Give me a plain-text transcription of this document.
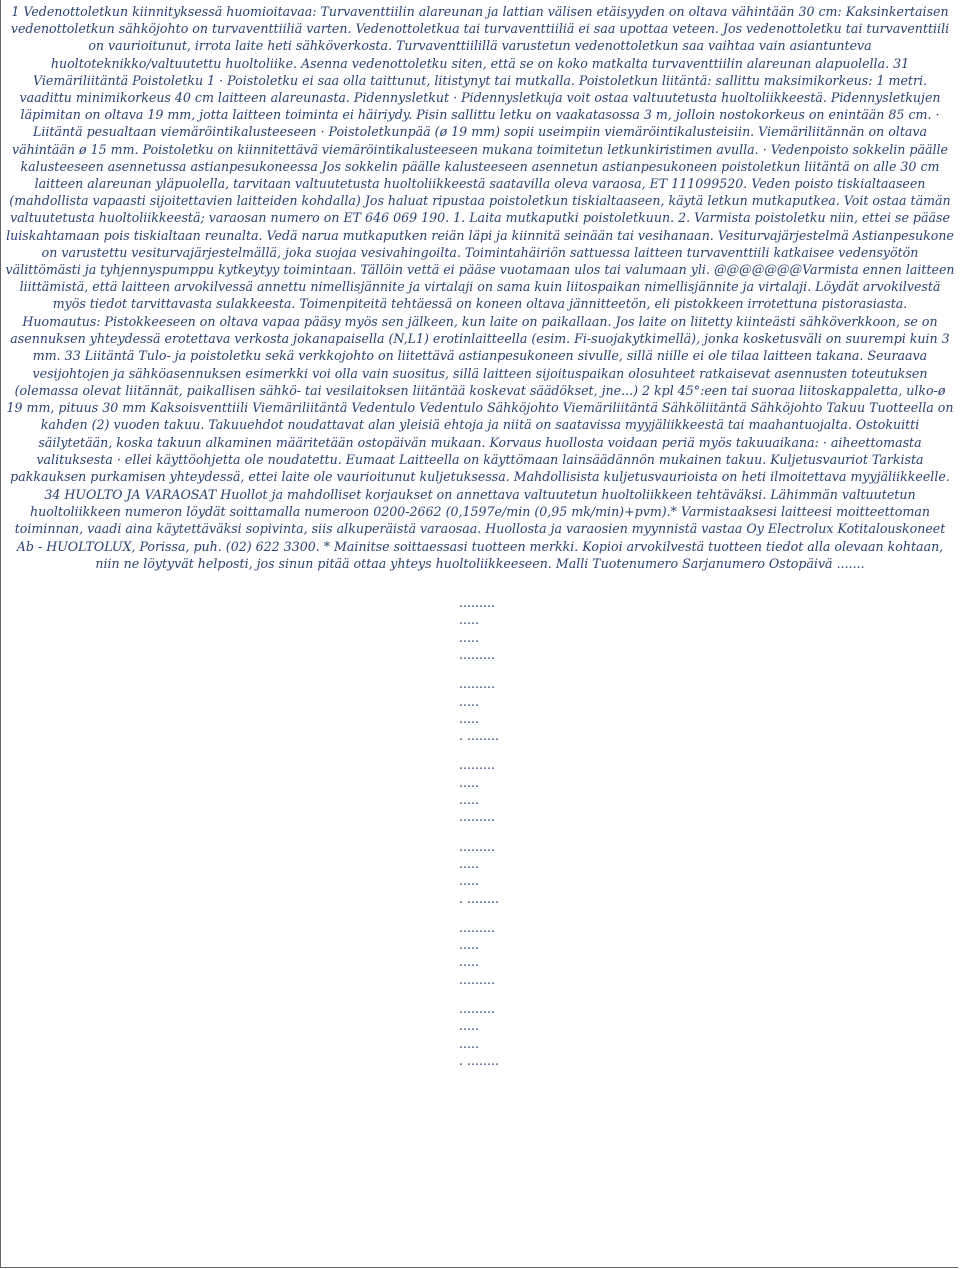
1 Vedenottoletkun kiinnityksessä huomioitavaa: Turvaventtiilin alareunan ja lattian välisen etäisyyden on oltava vähintään 30 cm: Kaksinkertaisen vedenottoletkun sähköjohto on turvaventtiiliä varten. Vedenottoletkua tai turvaventtiiliä ei saa upottaa veteen. Jos vedenottoletku tai turvaventtiili on vaurioitunut, irrota laite heti sähköverkosta. Turvaventtiilillä varustetun vedenottoletkun saa vaihtaa vain asiantunteva huoltoteknikko/valtuutettu huoltoliike. Asenna vedenottoletku siten, että se on koko matkalta turvaventtiilin alareunan alapuolella. 31 Viemäriliitäntä Poistoletku 1 · Poistoletku ei saa olla taittunut, litistynyt tai mutkalla. Poistoletkun liitäntä: sallittu maksimikorkeus: 1 metri. vaadittu minimikorkeus 40 cm laitteen alareunasta. Pidennysletkut · Pidennysletkuja voit ostaa valtuutetusta huoltoliikkeestä. Pidennysletkujen läpimitan on oltava 19 mm, jotta laitteen toiminta ei häiriydy. Pisin sallittu letku on vaakatasossa 3 m, jolloin nostokorkeus on enintään 85 cm. · Liitäntä pesualtaan viemäröintikalusteeseen · Poistoletkunpää (ø 19 mm) sopii useimpiin viemäröintikalusteisiin. Viemäriliitännän on oltava vähintään ø 15 mm. Poistoletku on kiinnitettävä viemäröintikalusteeseen mukana toimitetun letkunkiristimen avulla. · Vedenpoisto sokkelin päälle kalusteeseen asennetussa astianpesukoneessa Jos sokkelin päälle kalusteeseen asennetun astianpesukoneen poistoletkun liitäntä on alle 30 cm laitteen alareunan yläpuolella, tarvitaan valtuutetusta huoltoliikkeestä saatavilla oleva varaosa, ET 111099520. Veden poisto tiskialtaaseen (mahdollista vapaasti sijoitettavien laitteiden kohdalla) Jos haluat ripustaa poistoletkun tiskialtaaseen, käytä letkun mutkaputkea. Voit ostaa tämän valtuutetusta huoltoliikkeestä; varaosan numero on ET 646 069 190. 1. Laita mutkaputki poistoletkuun. 2. Varmista poistoletku niin, ettei se pääse luiskahtamaan pois tiskialtaan reunalta. Vedä narua mutkaputken reiän läpi ja kiinnitä seinään tai vesihanaan. Vesiturvajärjestelmä Astianpesukone on varustettu vesiturvajärjestelmällä, joka suojaa vesivahingoilta. Toimintahäiriön sattuessa laitteen turvaventtiili katkaisee vedensyötön välittömästi ja tyhjennyspumppu kytkeytyy toimintaan. Tällöin vettä ei pääse vuotamaan ulos tai valumaan yli. @@@@@@@Varmista ennen laitteen liittämistä, että laitteen arvokilvessä annettu nimellisjännite ja virtalaji on sama kuin liitospaikan nimellisjännite ja virtalaji. Löydät arvokilvestä myös tiedot tarvittavasta sulakkeesta. Toimenpiteitä tehtäessä on koneen oltava jännitteetön, eli pistokkeen irrotettuna pistorasiasta.

Huomautus: Pistokkeeseen on oltava vapaa pääsy myös sen jälkeen, kun laite on paikallaan. Jos laite on liitetty kiinteästi sähköverkkoon, se on asennuksen yhteydessä erotettava verkosta jokanapaisella (N,L1) erotinlaitteella (esim. Fi-suojakytkimellä), jonka kosketusväli on suurempi kuin 3 mm. 33 Liitäntä Tulo- ja poistoletku sekä verkkojohto on liitettävä astianpesukoneen sivulle, sillä niille ei ole tilaa laitteen takana. Seuraava vesijohtojen ja sähköasennuksen esimerkki voi olla vain suositus, sillä laitteen sijoituspaikan olosuhteet ratkaisevat asennusten toteutuksen (olemassa olevat liitännät, paikallisen sähkö- tai vesilaitoksen liitäntää koskevat säädökset, jne...) 2 kpl 45°:een tai suoraa liitoskappaletta, ulko-ø 19 mm, pituus 30 mm Kaksoisventtiili Viemäriliitäntä Vedentulo Vedentulo Sähköjohto Viemäriliitäntä Sähköliitäntä Sähköjohto Takuu Tuotteella on kahden (2) vuoden takuu. Takuuehdot noudattavat alan yleisiä ehtoja ja niitä on saatavissa myyjäliikkeestä tai maahantuojalta. Ostokuitti säilytetään, koska takuun alkaminen määritetään ostopäivän mukaan. Korvaus huollosta voidaan periä myös takuuaikana: · aiheettomasta valituksesta · ellei käyttöohjetta ole noudatettu. Eumaat Laitteella on käyttömaan lainsäädännön mukainen takuu. Kuljetusvauriot Tarkista pakkauksen purkamisen yhteydessä, ettei laite ole vaurioitunut kuljetuksessa. Mahdollisista kuljetusvaurioista on heti ilmoitettava myyjäliikkeelle. 34 HUOLTO JA VARAOSAT Huollot ja mahdolliset korjaukset on annettava valtuutetun huoltoliikkeen tehtäväksi. Lähimmän valtuutetun huoltoliikkeen numeron löydät soittamalla numeroon 0200-2662 (0,1597e/min (0,95 mk/min)+pvm).* Varmistaaksesi laitteesi moitteettoman toiminnan, vaadi aina käytettäväksi sopivinta, siis alkuperäistä varaosaa. Huollosta ja varaosien myynnistä vastaa Oy Electrolux Kotitalouskoneet Ab - HUOLTOLUX, Porissa, puh. (02) 622 3300. * Mainitse soittaessasi tuotteen merkki. Kopioi arvokilvestä tuotteen tiedot alla olevaan kohtaan, niin ne löytyvät helposti, jos sinun pitää ottaa yhteys huoltoliikkeeseen. Malli Tuotenumero Sarjanumero Ostopäivä .......

.........
.....
.....
.........
.........
.....
.....
. ........
.........
.....
.....
.........
.........
.....
.....
. ........
.........
.....
.....
.........
.........
.....
.....
. ........
